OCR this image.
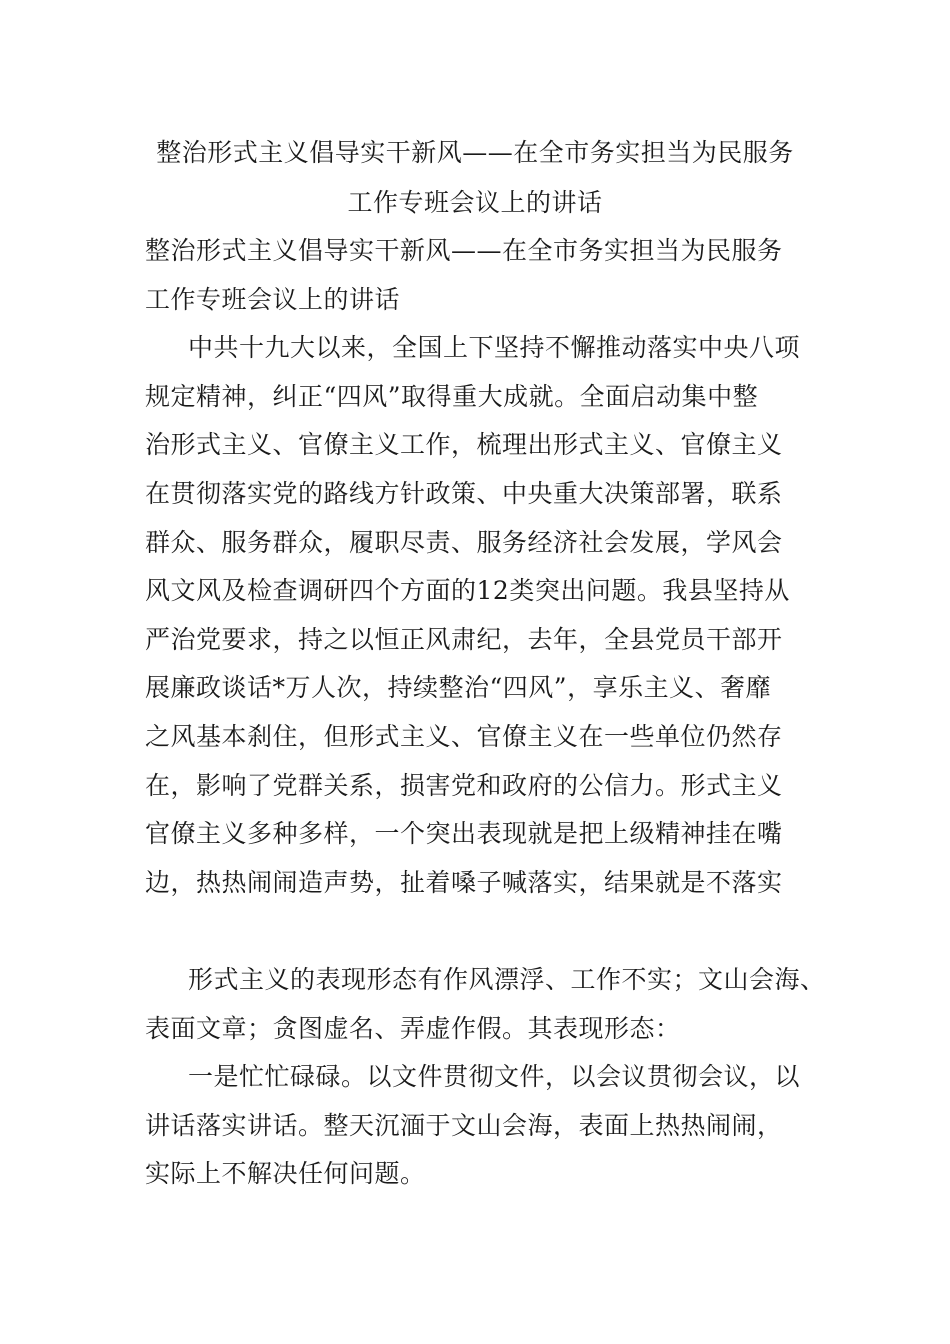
整治形式主义倡导实干新风——在全市务实担当为民服务
工作专班会议上的讲话
整治形式主义倡导实干新风——在全市务实担当为民服务
工作专班会议上的讲话
中共十九大以来，全国上下坚持不懈推动落实中央八项
规定精神，纠正“四风”取得重大成就。全面启动集中整
治形式主义、官僚主义工作，梳理出形式主义、官僚主义
在贯彻落实党的路线方针政策、中央重大决策部署，联系
群众、服务群众，履职尽责、服务经济社会发展，学风会
风文风及检查调研四个方面的12类突出问题。我县坚持从
严治党要求，持之以恒正风肃纪，去年，全县党员干部开
展廉政谈话*万人次，持续整治“四风”，享乐主义、奢靡
之风基本刹住，但形式主义、官僚主义在一些单位仍然存
在，影响了党群关系，损害党和政府的公信力。形式主义
官僚主义多种多样，一个突出表现就是把上级精神挂在嘴
边，热热闹闹造声势，扯着嗓子喊落实，结果就是不落实
形式主义的表现形态有作风漂浮、工作不实；文山会海、
表面文章；贪图虚名、弄虚作假。其表现形态：
一是忙忙碌碌。以文件贯彻文件，以会议贯彻会议，以
讲话落实讲话。整天沉湎于文山会海，表面上热热闹闹，
实际上不解决任何问题。
